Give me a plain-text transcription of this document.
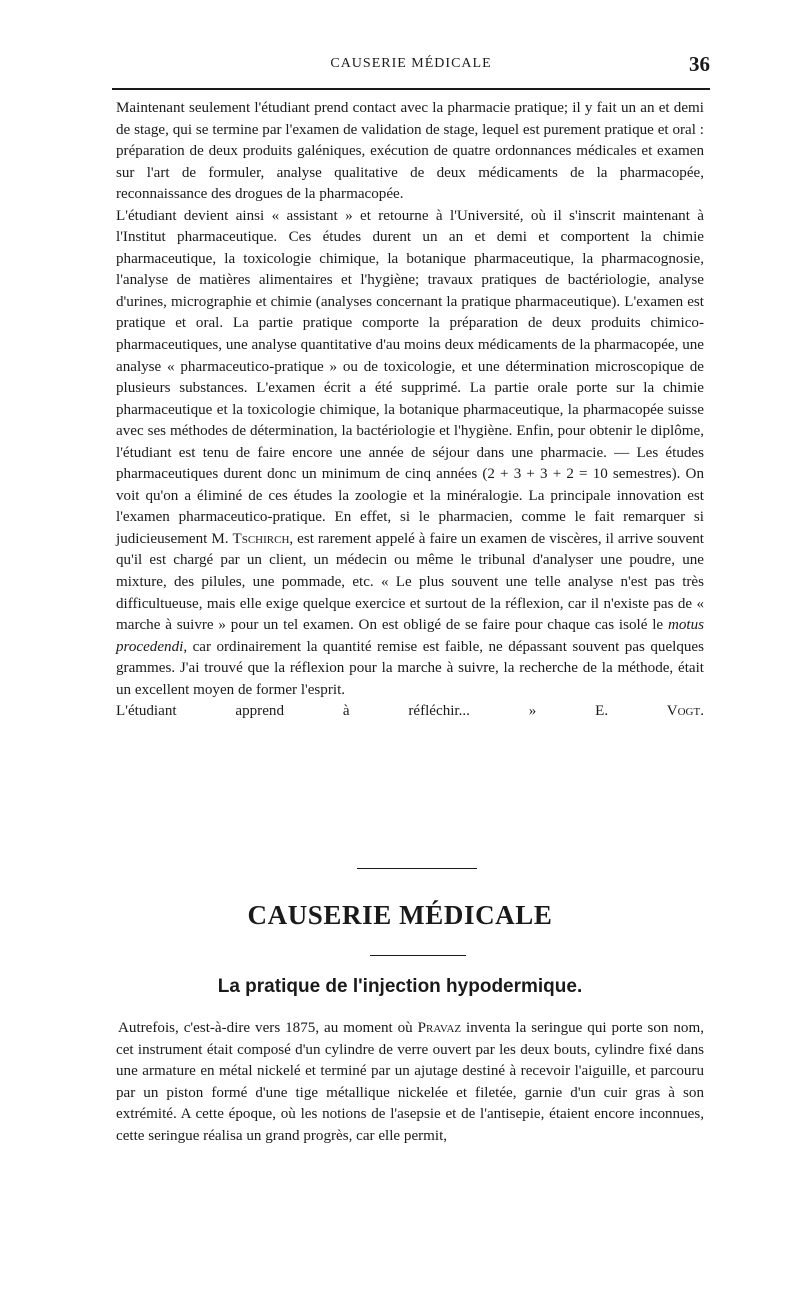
CAUSERIE MÉDICALE	36

Maintenant seulement l'étudiant prend contact avec la pharmacie pratique; il y fait un an et demi de stage, qui se termine par l'examen de validation de stage, lequel est purement pratique et oral : préparation de deux produits galéniques, exécution de quatre ordonnances médicales et examen sur l'art de formuler, analyse qualitative de deux médicaments de la pharmacopée, reconnaissance des drogues de la pharmacopée.

L'étudiant devient ainsi « assistant » et retourne à l'Université, où il s'inscrit maintenant à l'Institut pharmaceutique. Ces études durent un an et demi et comportent la chimie pharmaceutique, la toxicologie chimique, la botanique pharmaceutique, la pharmacognosie, l'analyse de matières alimentaires et l'hygiène; travaux pratiques de bactériologie, analyse d'urines, micrographie et chimie (analyses concernant la pratique pharmaceutique). L'examen est pratique et oral. La partie pratique comporte la préparation de deux produits chimico-pharmaceutiques, une analyse quantitative d'au moins deux médicaments de la pharmacopée, une analyse « pharmaceutico-pratique » ou de toxicologie, et une détermination microscopique de plusieurs substances. L'examen écrit a été supprimé. La partie orale porte sur la chimie pharmaceutique et la toxicologie chimique, la botanique pharmaceutique, la pharmacopée suisse avec ses méthodes de détermination, la bactériologie et l'hygiène. Enfin, pour obtenir le diplôme, l'étudiant est tenu de faire encore une année de séjour dans une pharmacie. — Les études pharmaceutiques durent donc un minimum de cinq années (2 + 3 + 3 + 2 = 10 semestres). On voit qu'on a éliminé de ces études la zoologie et la minéralogie. La principale innovation est l'examen pharmaceutico-pratique. En effet, si le pharmacien, comme le fait remarquer si judicieusement M. Tschirch, est rarement appelé à faire un examen de viscères, il arrive souvent qu'il est chargé par un client, un médecin ou même le tribunal d'analyser une poudre, une mixture, des pilules, une pommade, etc. « Le plus souvent une telle analyse n'est pas très difficultueuse, mais elle exige quelque exercice et surtout de la réflexion, car il n'existe pas de « marche à suivre » pour un tel examen. On est obligé de se faire pour chaque cas isolé le motus procedendi, car ordinairement la quantité remise est faible, ne dépassant souvent pas quelques grammes. J'ai trouvé que la réflexion pour la marche à suivre, la recherche de la méthode, était un excellent moyen de former l'esprit.

L'étudiant apprend à réfléchir... »	E. Vogt.

CAUSERIE MÉDICALE
La pratique de l'injection hypodermique.

Autrefois, c'est-à-dire vers 1875, au moment où Pravaz inventa la seringue qui porte son nom, cet instrument était composé d'un cylindre de verre ouvert par les deux bouts, cylindre fixé dans une armature en métal nickelé et terminé par un ajutage destiné à recevoir l'aiguille, et parcouru par un piston formé d'une tige métallique nickelée et filetée, garnie d'un cuir gras à son extrémité. A cette époque, où les notions de l'asepsie et de l'antisepie, étaient encore inconnues, cette seringue réalisa un grand progrès, car elle permit,
